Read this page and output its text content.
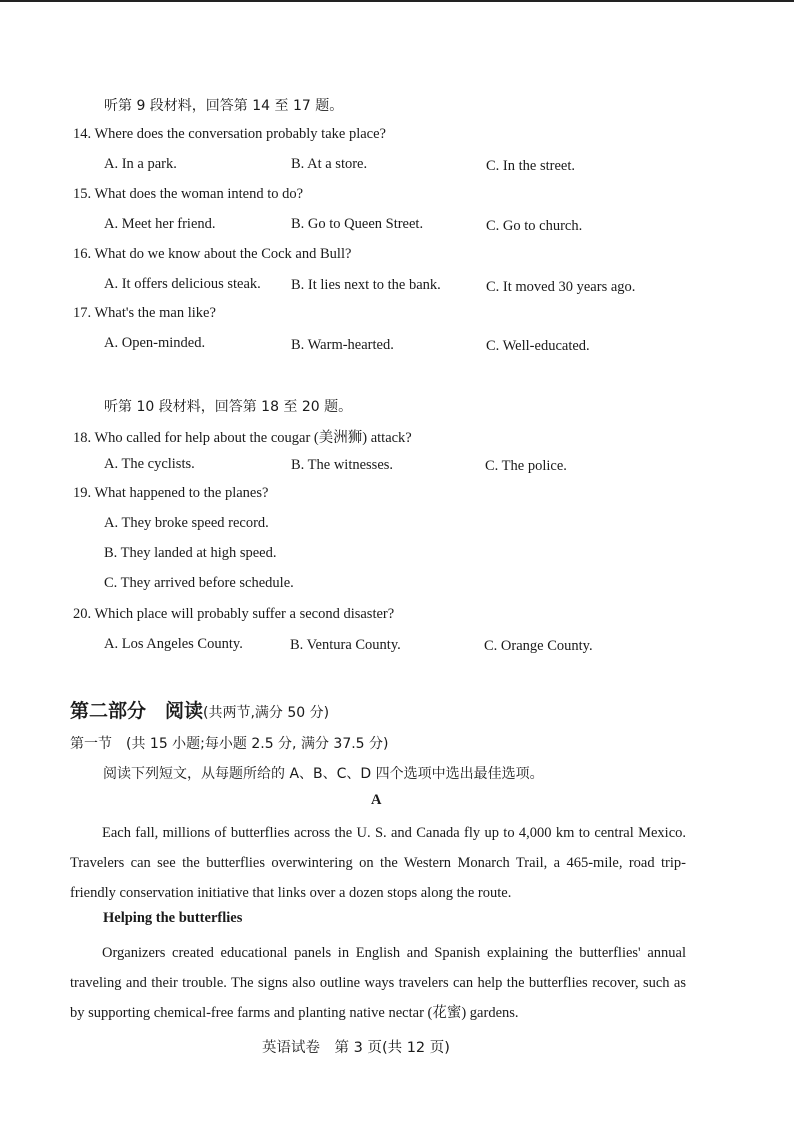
听第 9 段材料，回答第 14 至 17 题。
14. Where does the conversation probably take place?
A. In a park.	B. At a store.	C. In the street.
15. What does the woman intend to do?
A. Meet her friend.	B. Go to Queen Street.	C. Go to church.
16. What do we know about the Cock and Bull?
A. It offers delicious steak. B. It lies next to the bank.	C. It moved 30 years ago.
17. What's the man like?
A. Open-minded.	B. Warm-hearted.	C. Well-educated.
听第 10 段材料，回答第 18 至 20 题。
18. Who called for help about the cougar (美洲狮) attack?
A. The cyclists.	B. The witnesses.	C. The police.
19. What happened to the planes?
A. They broke speed record.
B. They landed at high speed.
C. They arrived before schedule.
20. Which place will probably suffer a second disaster?
A. Los Angeles County.	B. Ventura County.	C. Orange County.
第二部分　阅读(共两节,满分 50 分)
第一节　(共 15 小题;每小题 2.5 分, 满分 37.5 分)
阅读下列短文，从每题所给的 A、B、C、D 四个选项中选出最佳选项。
A
Each fall, millions of butterflies across the U. S. and Canada fly up to 4,000 km to central Mexico. Travelers can see the butterflies overwintering on the Western Monarch Trail, a 465-mile, road trip-friendly conservation initiative that links over a dozen stops along the route.
Helping the butterflies
Organizers created educational panels in English and Spanish explaining the butterflies' annual traveling and their trouble. The signs also outline ways travelers can help the butterflies recover, such as by supporting chemical-free farms and planting native nectar (花蜜) gardens.
英语试卷　第 3 页(共 12 页)
